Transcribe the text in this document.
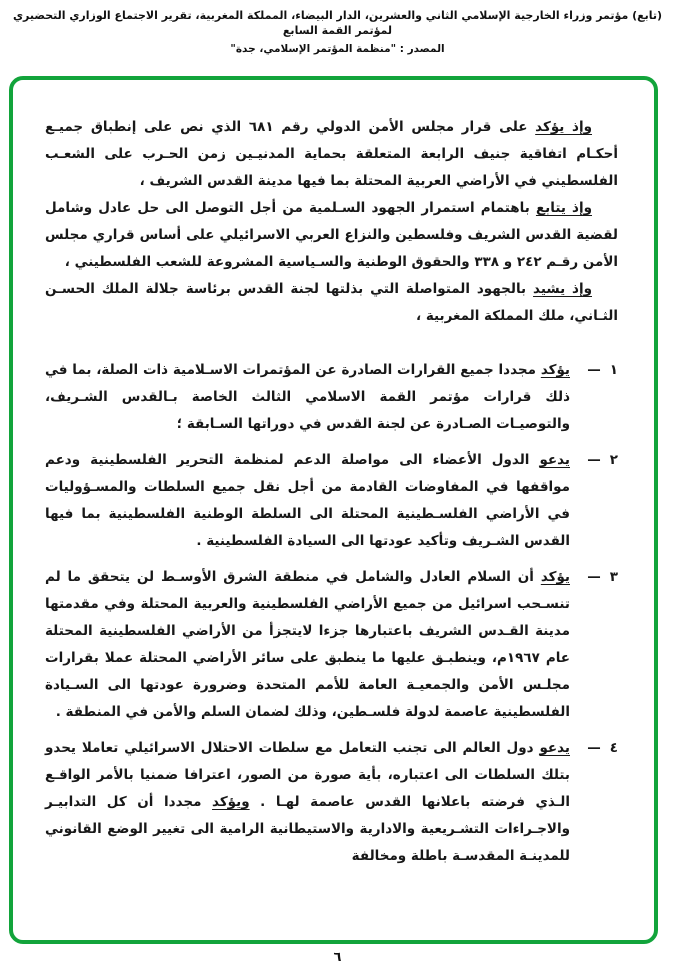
(تابع) مؤتمر وزراء الخارجية الإسلامي الثاني والعشرين، الدار البيضاء، المملكة المغربية، تقرير الاجتماع الوزاري التحضيري لمؤتمر القمة السابع
المصدر : "منظمة المؤتمر الإسلامي، جدة"

وإذ يؤكد على قرار مجلس الأمن الدولي رقم ٦٨١ الذي نص على إنطباق جميـع أحكـام اتفاقية جنيف الرابعة المتعلقة بحماية المدنيـين زمن الحـرب على الشعـب الفلسطيني في الأراضي العربية المحتلة بما فيها مدينة القدس الشريف ،

وإذ يتابع باهتمام استمرار الجهود السـلمية من أجل التوصل الى حل عادل وشامل لقضية القدس الشريف وفلسطين والنزاع العربي الاسرائيلي على أساس قراري مجلس الأمن رقـم ٢٤٢ و ٣٣٨ والحقوق الوطنية والسـياسية المشروعة للشعب الفلسطيني ،

وإذ يشيد بالجهود المتواصلة التي بذلتها لجنة القدس برئاسة جلالة الملك الحسـن الثـاني، ملك المملكة المغربية ،

١
—
يؤكد مجددا جميع القرارات الصادرة عن المؤتمرات الاسـلامية ذات الصلة، بما في ذلك قرارات مؤتمر القمة الاسلامي الثالث الخاصة بـالقدس الشـريف، والتوصيـات الصـادرة عن لجنة القدس في دوراتها السـابقة ؛
٢
—
يدعو الدول الأعضاء الى مواصلة الدعم لمنظمة التحرير الفلسطينية ودعم مواقفها في المفاوضات القادمة من أجل نقل جميع السلطات والمسـؤوليات في الأراضي الفلسـطينية المحتلة الى السلطة الوطنية الفلسطينية بما فيها القدس الشـريف وتأكيد عودتها الى السيادة الفلسطينية .
٣
—
يؤكد أن السلام العادل والشامل في منطقة الشرق الأوسـط لن يتحقق ما لم تنسـحب اسرائيل من جميع الأراضي الفلسطينية والعربية المحتلة وفي مقدمتها مدينة القـدس الشريف باعتبارها جزءا لايتجزأ من الأراضي الفلسطينية المحتلة عام ١٩٦٧م، وينطبـق عليها ما ينطبق على سائر الأراضي المحتلة عملا بقرارات مجلـس الأمن والجمعيـة العامة للأمم المتحدة وضرورة عودتها الى السـيادة الفلسطينية عاصمة لدولة فلسـطين، وذلك لضمان السلم والأمن في المنطقة .
٤
—
يدعو دول العالم الى تجنب التعامل مع سلطات الاحتلال الاسرائيلي تعاملا يحدو بتلك السلطات الى اعتباره، بأية صورة من الصور، اعترافا ضمنيا بالأمر الواقـع الـذي فرضته باعلانها القدس عاصمة لهـا . ويؤكد مجددا أن كل التدابيـر والاجـراءات التشـريعية والادارية والاستيطانية الرامية الى تغيير الوضع القانوني للمدينـة المقدسـة باطلة ومخالفة
٦
